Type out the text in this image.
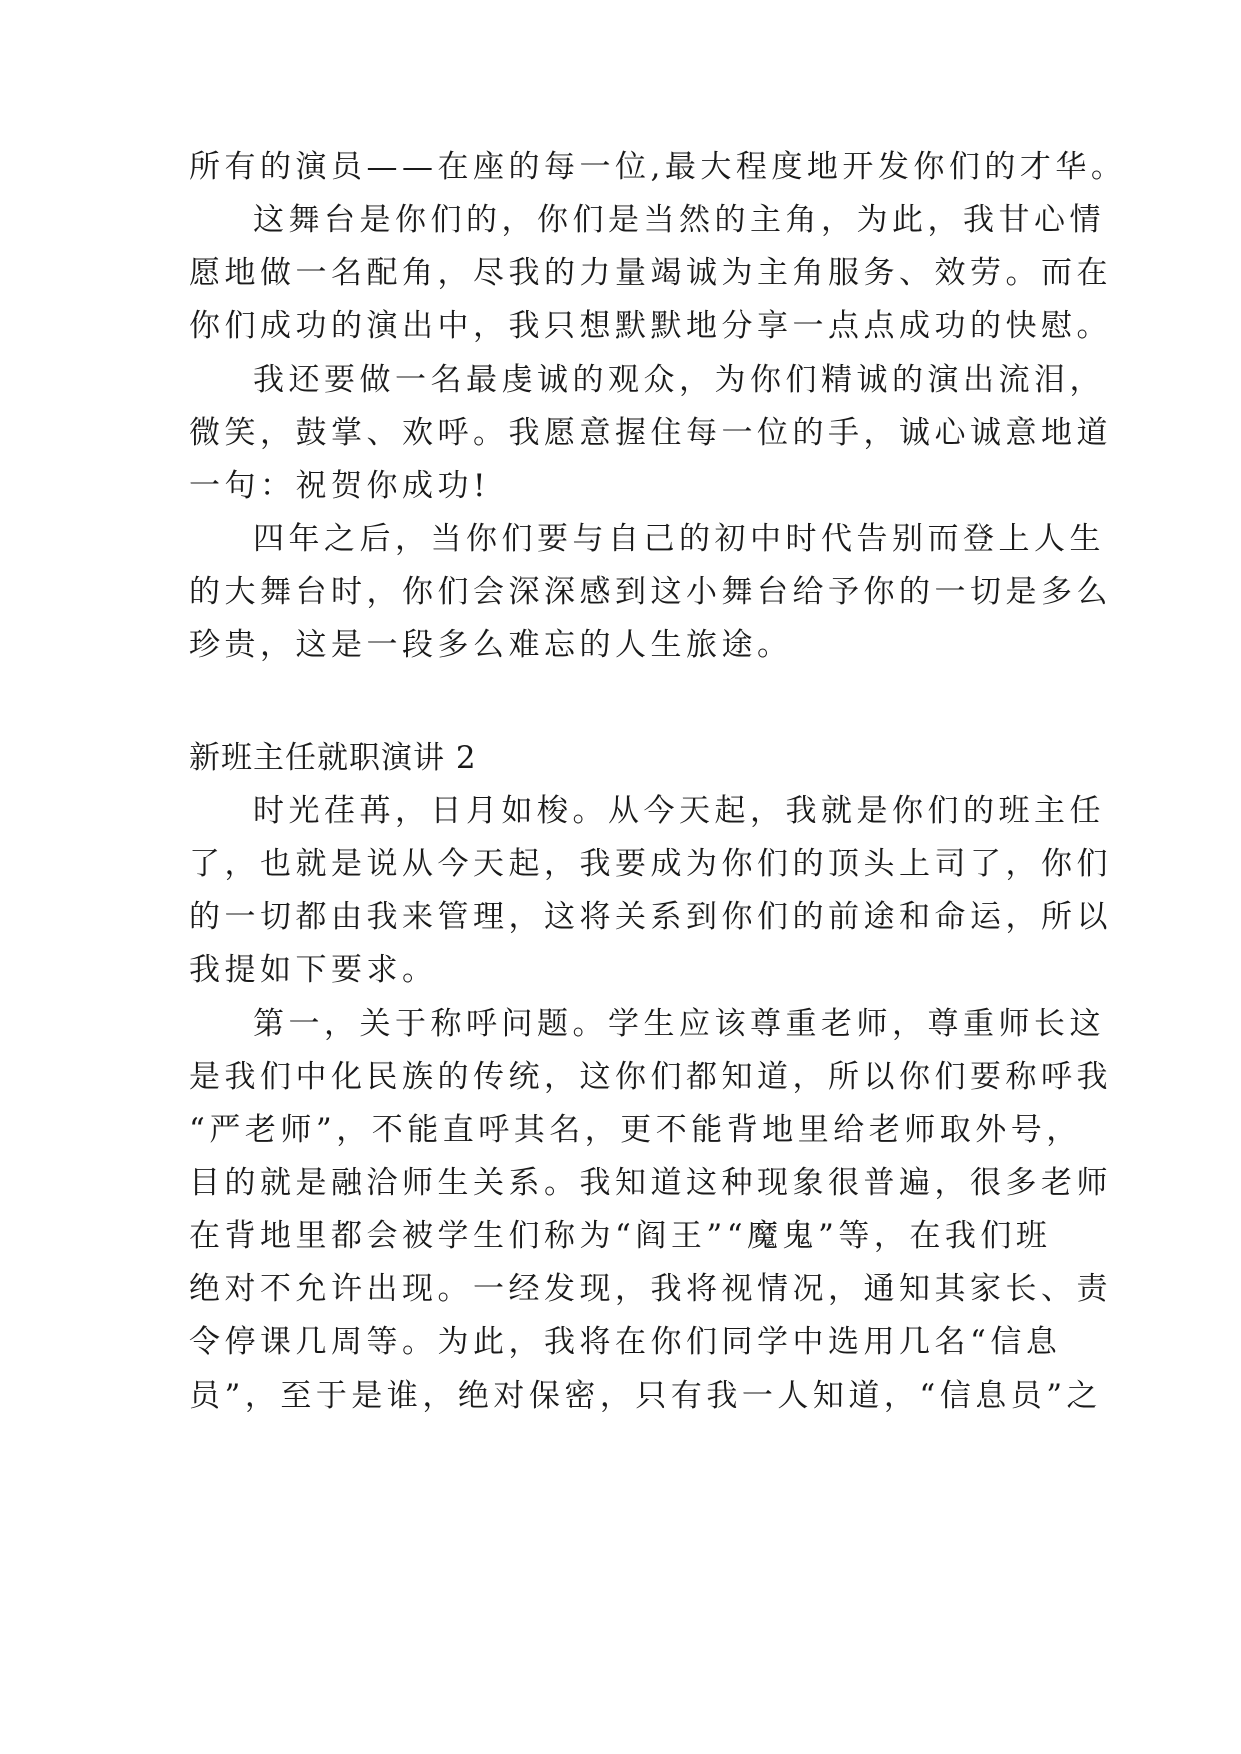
所有的演员——在座的每一位,最大程度地开发你们的才华。
这舞台是你们的，你们是当然的主角，为此，我甘心情
愿地做一名配角，尽我的力量竭诚为主角服务、效劳。而在
你们成功的演出中，我只想默默地分享一点点成功的快慰。
我还要做一名最虔诚的观众，为你们精诚的演出流泪，
微笑，鼓掌、欢呼。我愿意握住每一位的手，诚心诚意地道
一句：祝贺你成功!
四年之后，当你们要与自己的初中时代告别而登上人生
的大舞台时，你们会深深感到这小舞台给予你的一切是多么
珍贵，这是一段多么难忘的人生旅途。
新班主任就职演讲 2
时光荏苒，日月如梭。从今天起，我就是你们的班主任
了，也就是说从今天起，我要成为你们的顶头上司了，你们
的一切都由我来管理，这将关系到你们的前途和命运，所以
我提如下要求。
第一，关于称呼问题。学生应该尊重老师，尊重师长这
是我们中化民族的传统，这你们都知道，所以你们要称呼我
“严老师”，不能直呼其名，更不能背地里给老师取外号，
目的就是融洽师生关系。我知道这种现象很普遍，很多老师
在背地里都会被学生们称为“阎王”“魔鬼”等，在我们班
绝对不允许出现。一经发现，我将视情况，通知其家长、责
令停课几周等。为此，我将在你们同学中选用几名“信息
员”，至于是谁，绝对保密，只有我一人知道，“信息员”之
